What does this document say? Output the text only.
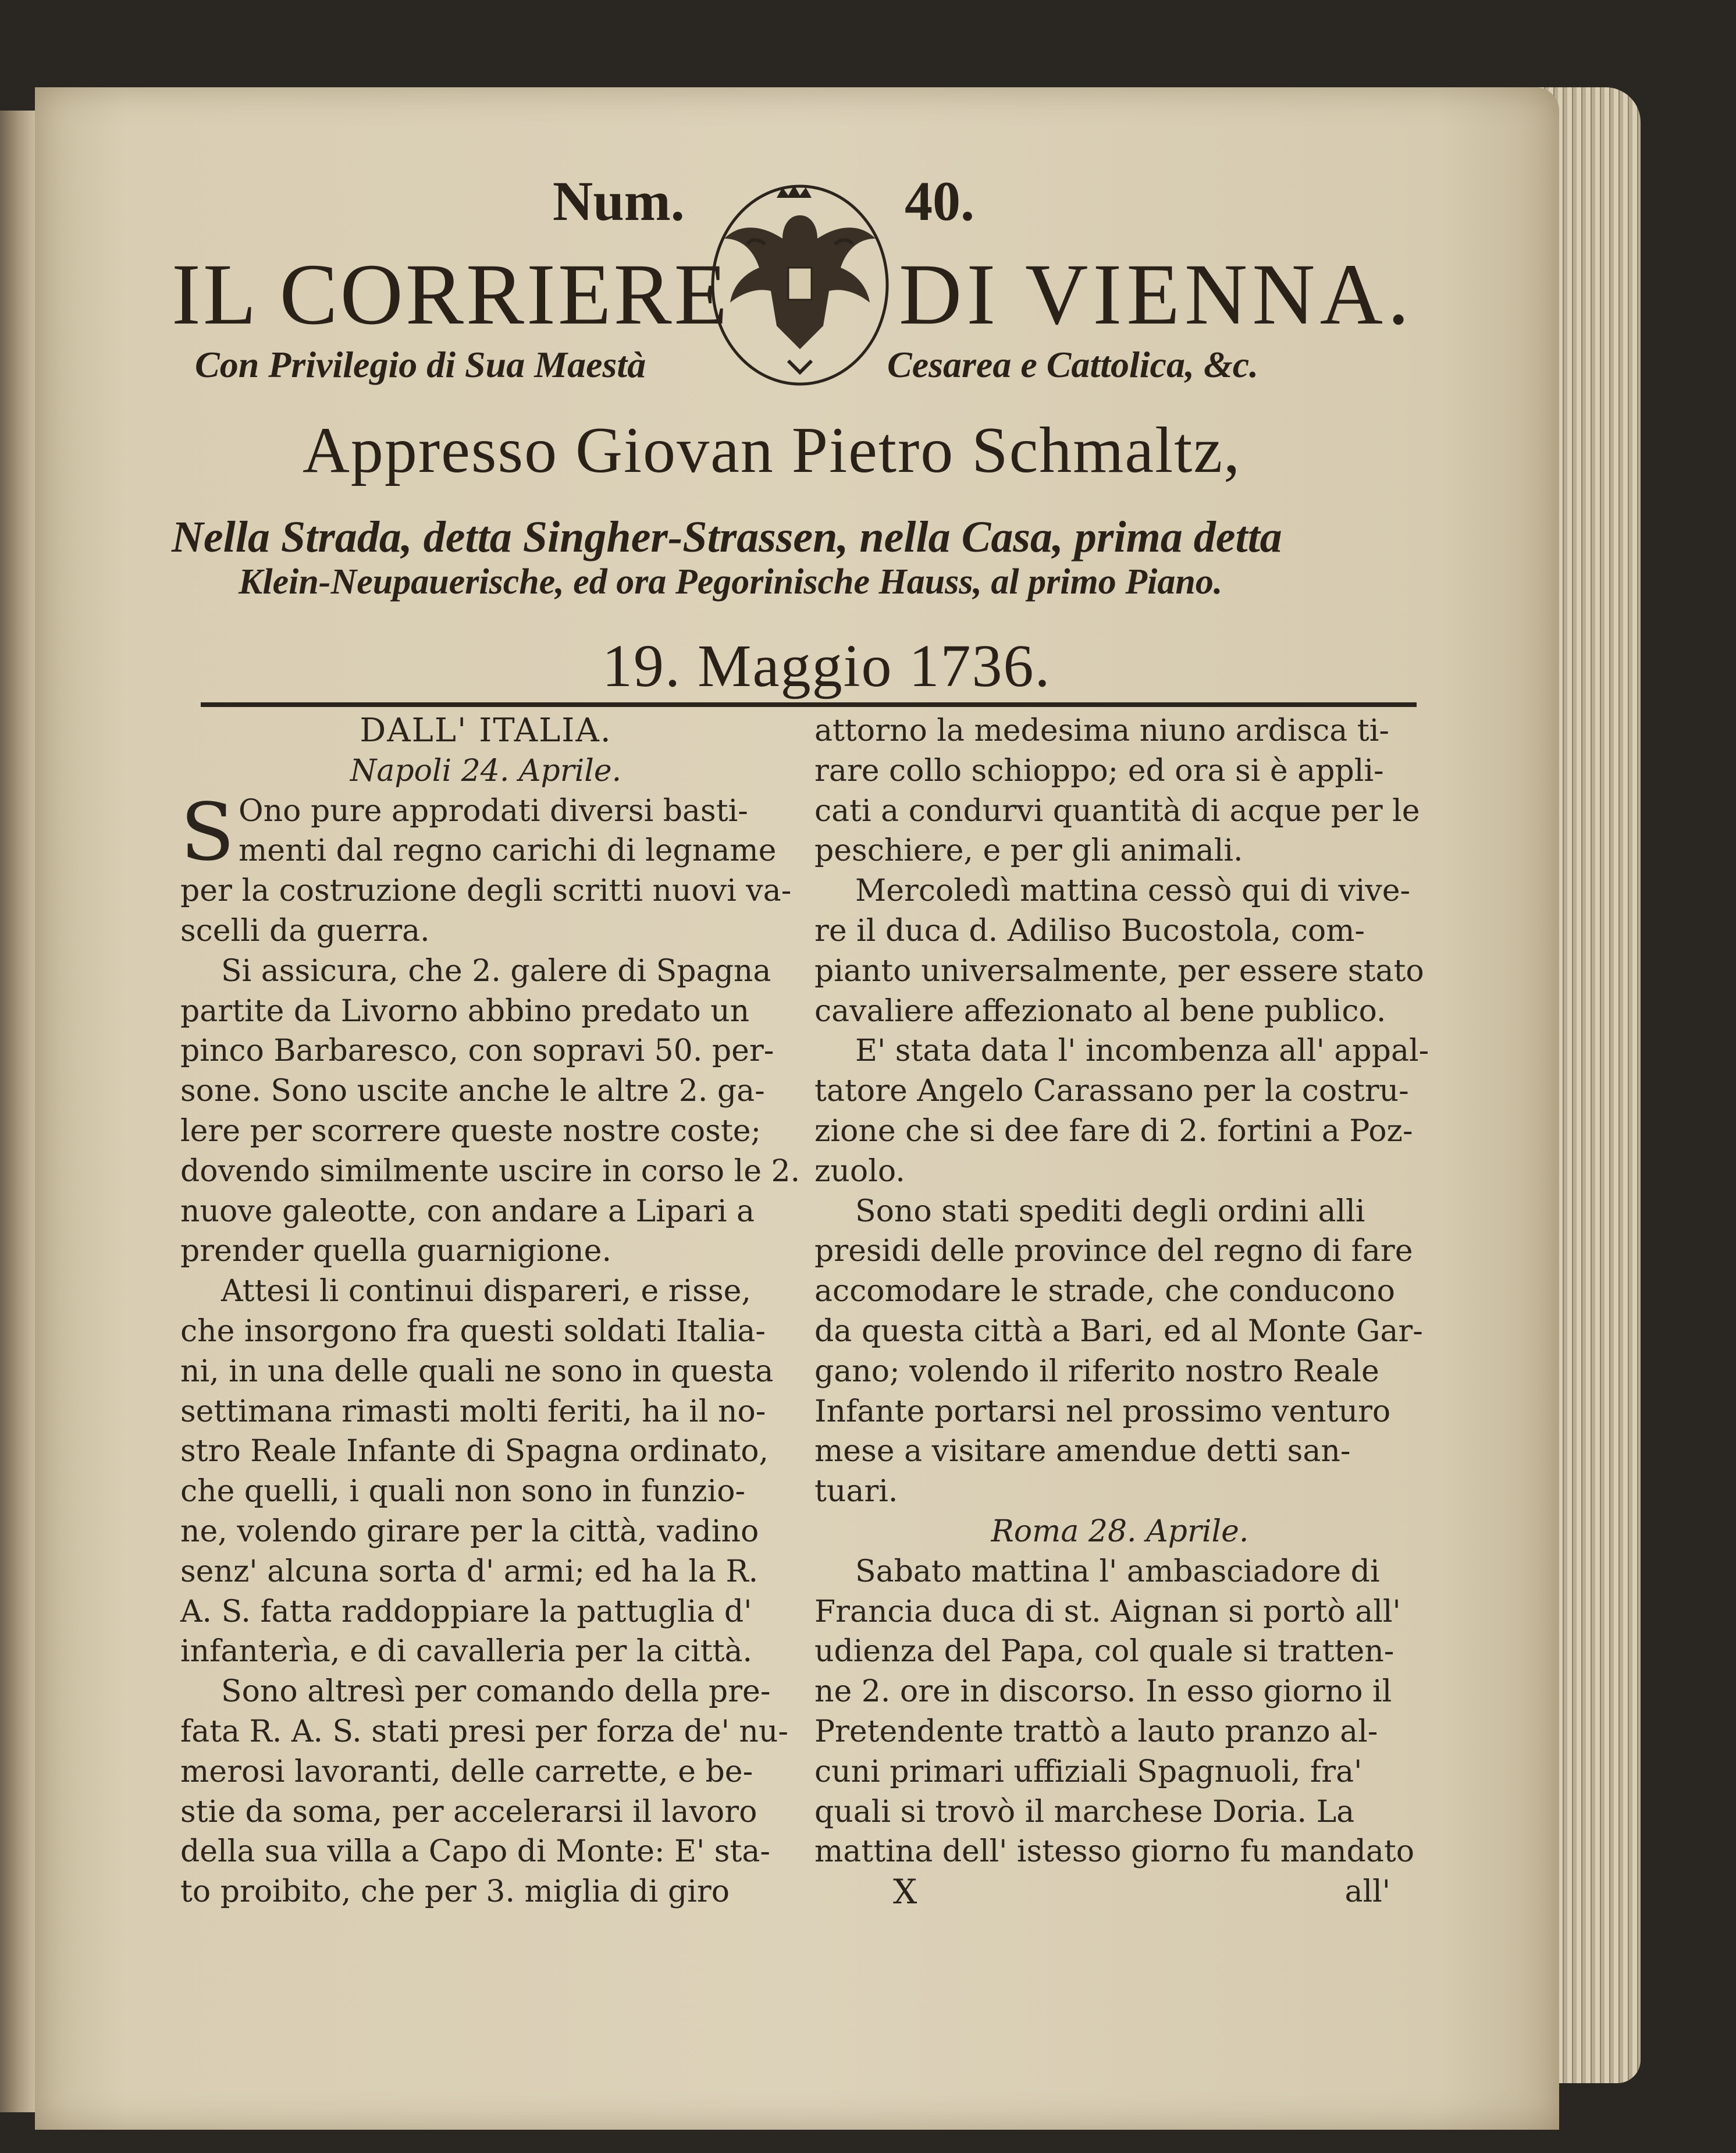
Num.	40.
IL CORRIERE DI VIENNA.
Con Privilegio di Sua Maestà	Cesarea e Cattolica, &c.
Appresso Giovan Pietro Schmaltz,
Nella Strada, detta Singher-Strassen, nella Casa, prima detta
Klein-Neupauerische, ed ora Pegorinische Hauss, al primo Piano.
19. Maggio 1736.
DALL' ITALIA.
Napoli 24. Aprile.
S Ono pure approdati diversi basti-
menti dal regno carichi di legname
per la costruzione degli scritti nuovi va-
scelli da guerra.
Si assicura, che 2. galere di Spagna
partite da Livorno abbino predato un
pinco Barbaresco, con sopravi 50. per-
sone. Sono uscite anche le altre 2. ga-
lere per scorrere queste nostre coste;
dovendo similmente uscire in corso le 2.
nuove galeotte, con andare a Lipari a
prender quella guarnigione.
Attesi li continui dispareri, e risse,
che insorgono fra questi soldati Italia-
ni, in una delle quali ne sono in questa
settimana rimasti molti feriti, ha il no-
stro Reale Infante di Spagna ordinato,
che quelli, i quali non sono in funzio-
ne, volendo girare per la città, vadino
senz' alcuna sorta d' armi; ed ha la R.
A. S. fatta raddoppiare la pattuglia d'
infanterìa, e di cavalleria per la città.
Sono altresì per comando della pre-
fata R. A. S. stati presi per forza de' nu-
merosi lavoranti, delle carrette, e be-
stie da soma, per accelerarsi il lavoro
della sua villa a Capo di Monte: E' sta-
to proibito, che per 3. miglia di giro
attorno la medesima niuno ardisca ti-
rare collo schioppo; ed ora si è appli-
cati a condurvi quantità di acque per le
peschiere, e per gli animali.
Mercoledì mattina cessò qui di vive-
re il duca d. Adiliso Bucostola, com-
pianto universalmente, per essere stato
cavaliere affezionato al bene publico.
E' stata data l' incombenza all' appal-
tatore Angelo Carassano per la costru-
zione che si dee fare di 2. fortini a Poz-
zuolo.
Sono stati spediti degli ordini alli
presidi delle province del regno di fare
accomodare le strade, che conducono
da questa città a Bari, ed al Monte Gar-
gano; volendo il riferito nostro Reale
Infante portarsi nel prossimo venturo
mese a visitare amendue detti san-
tuari.
Roma 28. Aprile.
Sabato mattina l' ambasciadore di
Francia duca di st. Aignan si portò all'
udienza del Papa, col quale si tratten-
ne 2. ore in discorso. In esso giorno il
Pretendente trattò a lauto pranzo al-
cuni primari uffiziali Spagnuoli, fra'
quali si trovò il marchese Doria. La
mattina dell' istesso giorno fu mandato
X	all'
